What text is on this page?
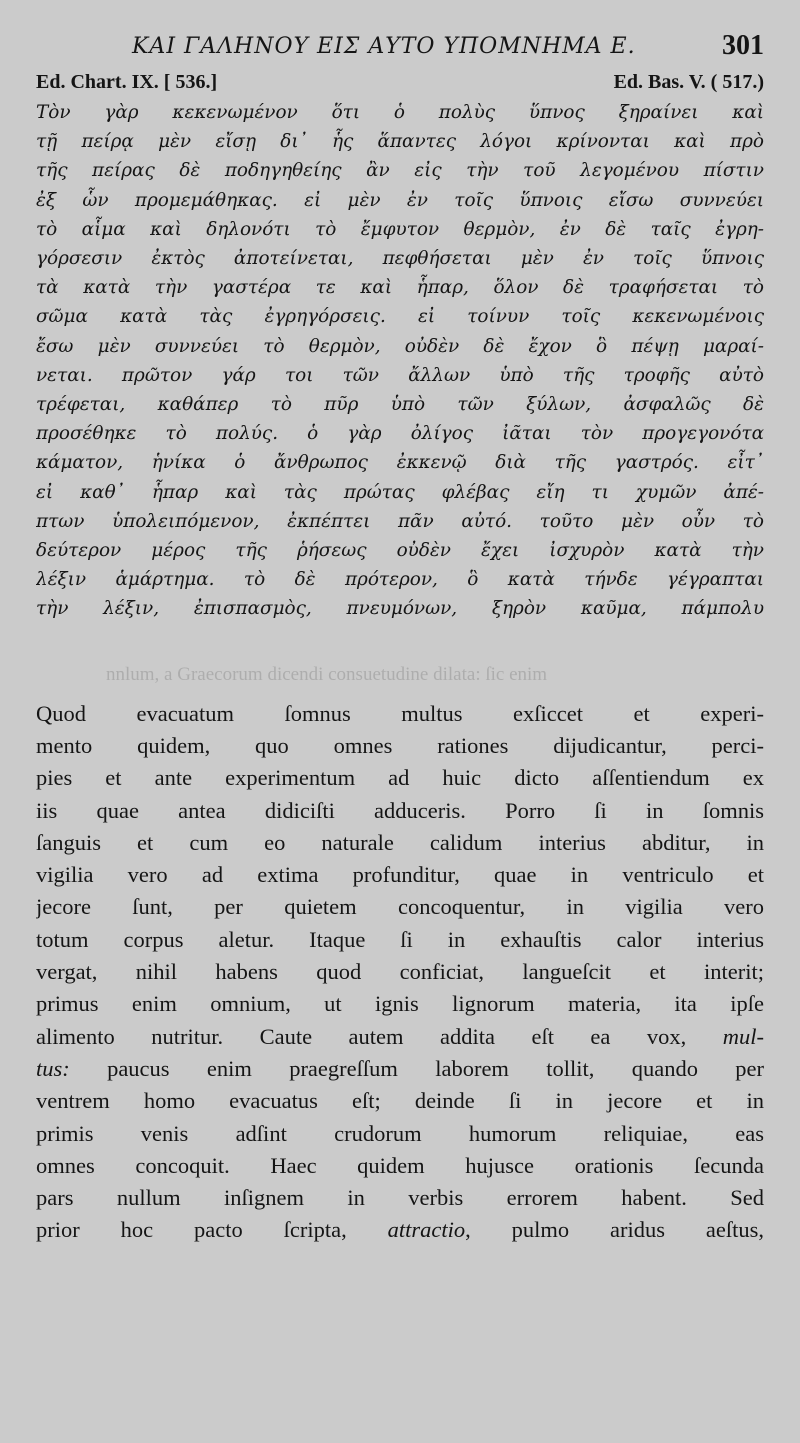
ΚΑΙ ΓΑΛΗΝΟΥ ΕΙΣ ΑΥΤΟ ΥΠΟΜΝΗΜΑ Ε.	301
Ed. Chart. IX. [ 536.]	Ed. Bas. V. ( 517.)
Τὸν γὰρ κεκενωμένον ὅτι ὁ πολὺς ὕπνος ξηραίνει καὶ
τῇ πείρᾳ μὲν εἴσῃ δι᾽ ἧς ἅπαντες λόγοι κρίνονται καὶ πρὸ
τῆς πείρας δὲ ποδηγηθείης ἂν εἰς τὴν τοῦ λεγομένου πίστιν
ἐξ ὧν προμεμάθηκας. εἰ μὲν ἐν τοῖς ὕπνοις εἴσω συννεύει
τὸ αἷμα καὶ δηλονότι τὸ ἔμφυτον θερμὸν, ἐν δὲ ταῖς ἐγρη-
γόρσεσιν ἐκτὸς ἀποτείνεται, πεφθήσεται μὲν ἐν τοῖς ὕπνοις
τὰ κατὰ τὴν γαστέρα τε καὶ ἧπαρ, ὅλον δὲ τραφήσεται τὸ
σῶμα κατὰ τὰς ἐγρηγόρσεις. εἰ τοίνυν τοῖς κεκενωμένοις
ἔσω μὲν συννεύει τὸ θερμὸν, οὐδὲν δὲ ἔχον ὃ πέψῃ μαραί-
νεται. πρῶτον γάρ τοι τῶν ἄλλων ὑπὸ τῆς τροφῆς αὐτὸ
τρέφεται, καθάπερ τὸ πῦρ ὑπὸ τῶν ξύλων, ἀσφαλῶς δὲ
προσέθηκε τὸ πολύς. ὁ γὰρ ὀλίγος ἰᾶται τὸν προγεγονότα
κάματον, ἡνίκα ὁ ἄνθρωπος ἐκκενῷ διὰ τῆς γαστρός. εἶτ᾽
εἰ καθ᾽ ἧπαρ καὶ τὰς πρώτας φλέβας εἴη τι χυμῶν ἀπέ-
πτων ὑπολειπόμενον, ἐκπέπτει πᾶν αὐτό. τοῦτο μὲν οὖν τὸ
δεύτερον μέρος τῆς ῥήσεως οὐδὲν ἔχει ἰσχυρὸν κατὰ τὴν
λέξιν ἁμάρτημα. τὸ δὲ πρότερον, ὃ κατὰ τήνδε γέγραπται
τὴν λέξιν, ἐπισπασμὸς, πνευμόνων, ξηρὸν καῦμα, πάμπολυ
nnlum, a Graecorum dicendi consuetudine dilata: ſic enim
Quod evacuatum ſomnus multus exſiccet et experi-
mento quidem, quo omnes rationes dijudicantur, perci-
pies et ante experimentum ad huic dicto aſſentiendum ex
iis quae antea didiciſti adduceris. Porro ſi in ſomnis
ſanguis et cum eo naturale calidum interius abditur, in
vigilia vero ad extima profunditur, quae in ventriculo et
jecore ſunt, per quietem concoquentur, in vigilia vero
totum corpus aletur. Itaque ſi in exhauſtis calor interius
vergat, nihil habens quod conficiat, langueſcit et interit;
primus enim omnium, ut ignis lignorum materia, ita ipſe
alimento nutritur. Caute autem addita eſt ea vox, mul-
tus: paucus enim praegreſſum laborem tollit, quando per
ventrem homo evacuatus eſt; deinde ſi in jecore et in
primis venis adſint crudorum humorum reliquiae, eas
omnes concoquit. Haec quidem hujusce orationis ſecunda
pars nullum inſignem in verbis errorem habent. Sed
prior hoc pacto ſcripta, attractio, pulmo aridus aeſtus,
